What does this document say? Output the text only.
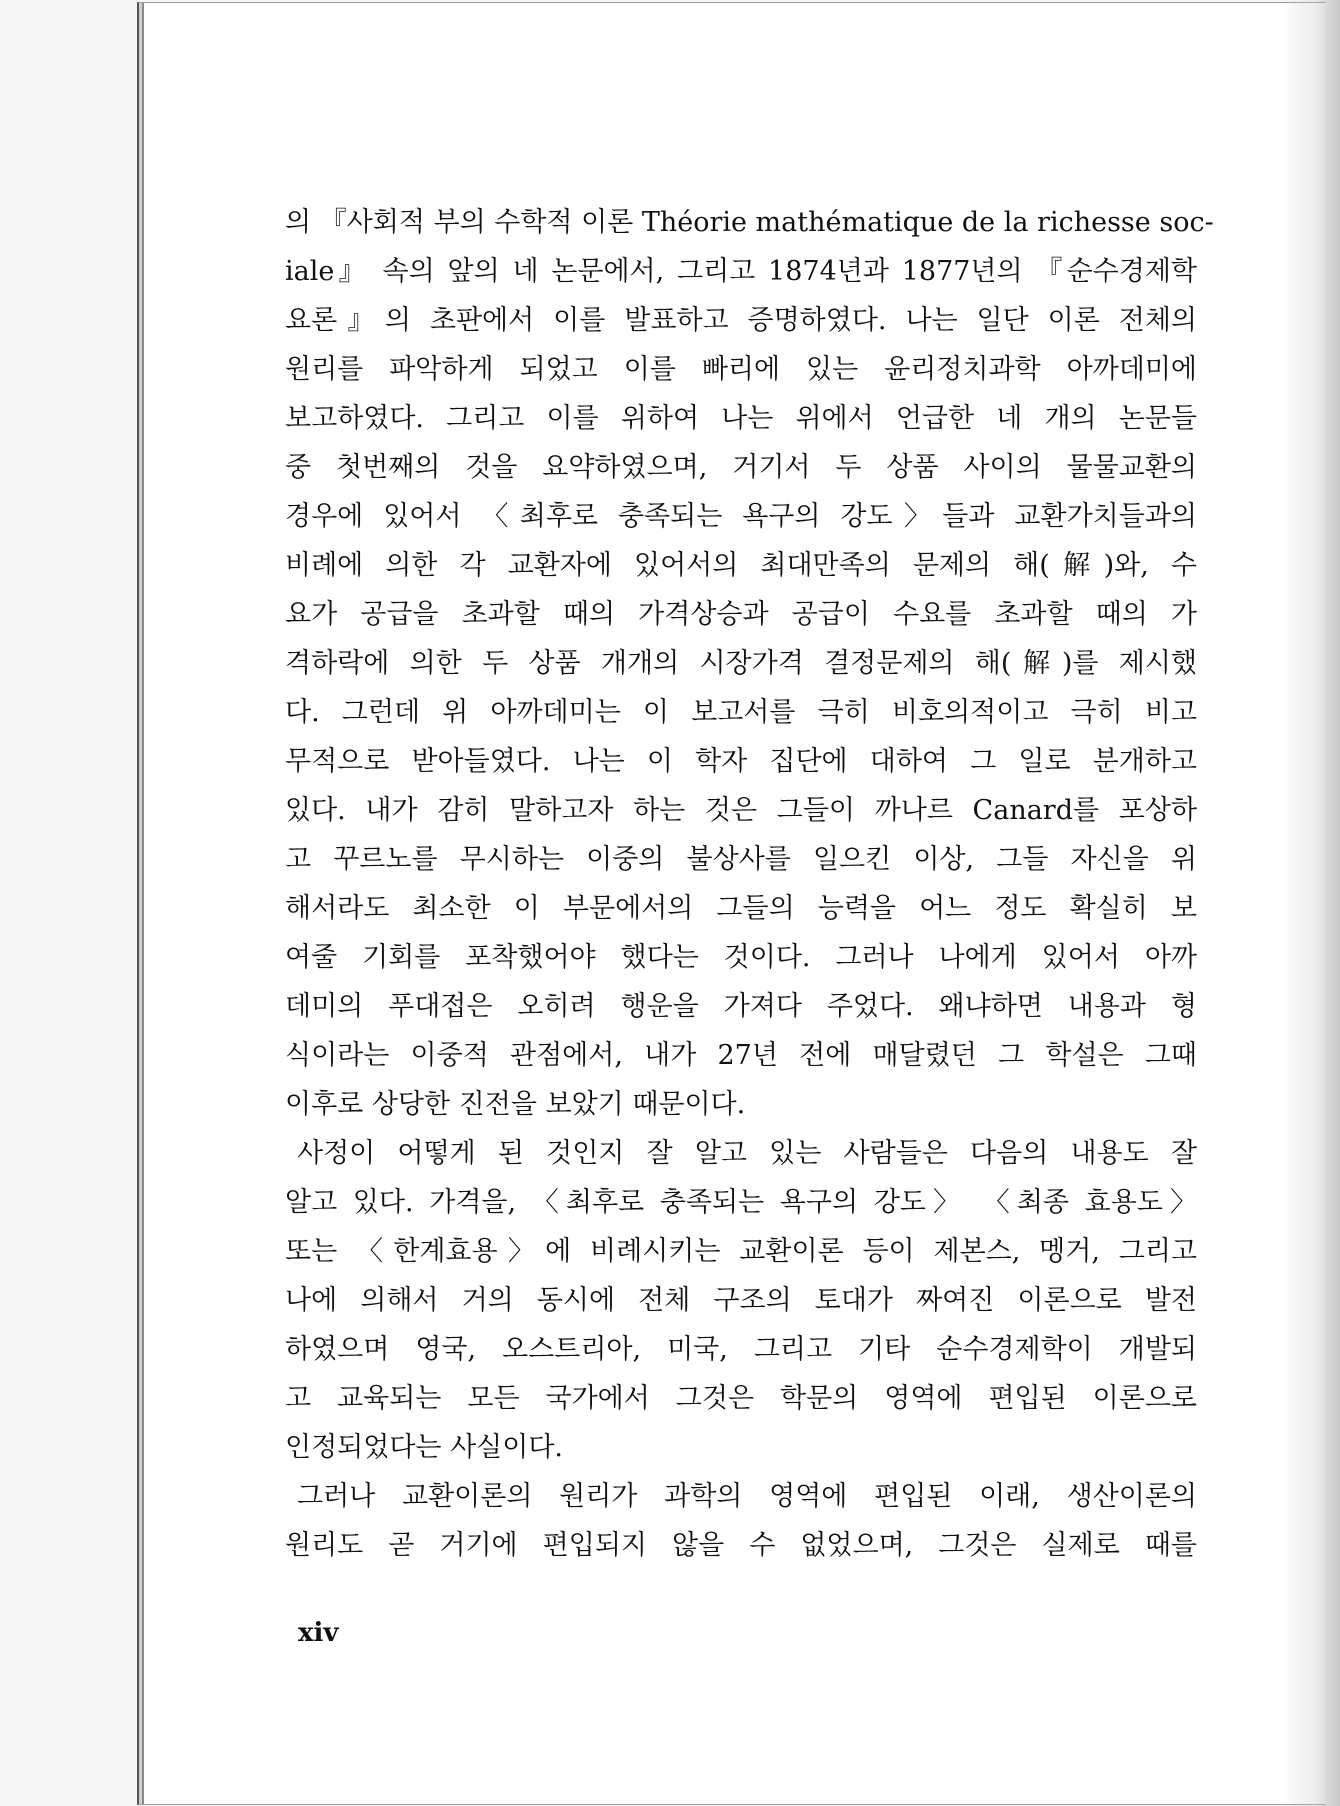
의 『사회적 부의 수학적 이론 Théorie mathématique de la richesse soc-
iale』 속의 앞의 네 논문에서, 그리고 1874년과 1877년의 『순수경제학
요론』의 초판에서 이를 발표하고 증명하였다. 나는 일단 이론 전체의
원리를 파악하게 되었고 이를 빠리에 있는 윤리정치과학 아까데미에
보고하였다. 그리고 이를 위하여 나는 위에서 언급한 네 개의 논문들
중 첫번째의 것을 요약하였으며, 거기서 두 상품 사이의 물물교환의
경우에 있어서 〈최후로 충족되는 욕구의 강도〉들과 교환가치들과의
비례에 의한 각 교환자에 있어서의 최대만족의 문제의 해(解)와, 수
요가 공급을 초과할 때의 가격상승과 공급이 수요를 초과할 때의 가
격하락에 의한 두 상품 개개의 시장가격 결정문제의 해(解)를 제시했
다. 그런데 위 아까데미는 이 보고서를 극히 비호의적이고 극히 비고
무적으로 받아들였다. 나는 이 학자 집단에 대하여 그 일로 분개하고
있다. 내가 감히 말하고자 하는 것은 그들이 까나르 Canard를 포상하
고 꾸르노를 무시하는 이중의 불상사를 일으킨 이상, 그들 자신을 위
해서라도 최소한 이 부문에서의 그들의 능력을 어느 정도 확실히 보
여줄 기회를 포착했어야 했다는 것이다. 그러나 나에게 있어서 아까
데미의 푸대접은 오히려 행운을 가져다 주었다. 왜냐하면 내용과 형
식이라는 이중적 관점에서, 내가 27년 전에 매달렸던 그 학설은 그때
이후로 상당한 진전을 보았기 때문이다.
사정이 어떻게 된 것인지 잘 알고 있는 사람들은 다음의 내용도 잘
알고 있다. 가격을, 〈최후로 충족되는 욕구의 강도〉 〈최종 효용도〉
또는 〈한계효용〉에 비례시키는 교환이론 등이 제본스, 멩거, 그리고
나에 의해서 거의 동시에 전체 구조의 토대가 짜여진 이론으로 발전
하였으며 영국, 오스트리아, 미국, 그리고 기타 순수경제학이 개발되
고 교육되는 모든 국가에서 그것은 학문의 영역에 편입된 이론으로
인정되었다는 사실이다.
그러나 교환이론의 원리가 과학의 영역에 편입된 이래, 생산이론의
원리도 곧 거기에 편입되지 않을 수 없었으며, 그것은 실제로 때를
xiv
